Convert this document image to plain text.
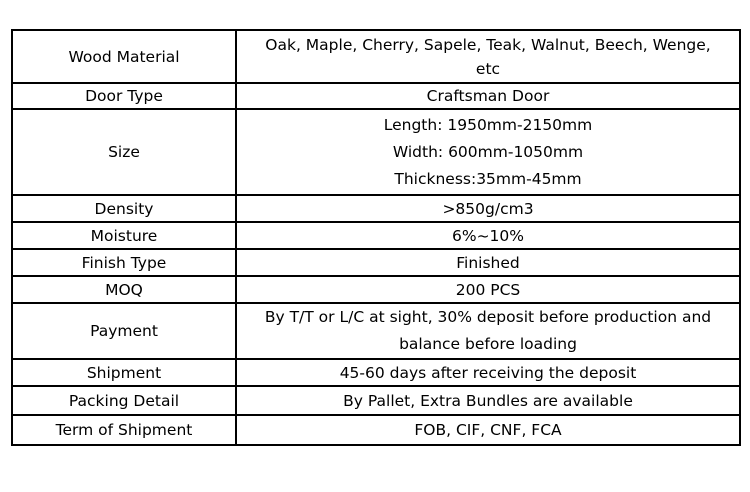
Wood Material	Oak, Maple, Cherry, Sapele, Teak, Walnut, Beech, Wenge,
etc

Door Type	Craftsman Door

Size	Length: 1950mm-2150mm
Width: 600mm-1050mm
Thickness:35mm-45mm

Density	>850g/cm3

Moisture	6%~10%

Finish Type	Finished

MOQ	200 PCS

Payment	By T/T or L/C at sight, 30% deposit before production and
balance before loading

Shipment	45-60 days after receiving the deposit

Packing Detail	By Pallet, Extra Bundles are available

Term of Shipment	FOB, CIF, CNF, FCA
